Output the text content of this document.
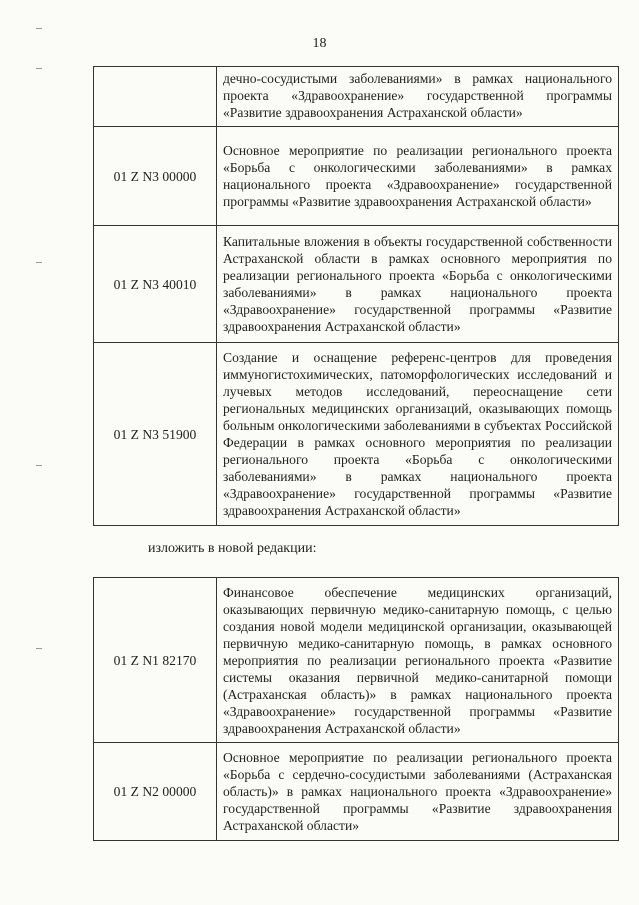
18
	дечно-сосудистыми заболеваниями» в рамках национального проекта «Здравоохранение» государственной программы «Развитие здравоохранения Астраханской области»
01 Z N3 00000	Основное мероприятие по реализации регионального проекта «Борьба с онкологическими заболеваниями» в рамках национального проекта «Здравоохранение» государственной программы «Развитие здравоохранения Астраханской области»
01 Z N3 40010	Капитальные вложения в объекты государственной собственности Астраханской области в рамках основного мероприятия по реализации регионального проекта «Борьба с онкологическими заболеваниями» в рамках национального проекта «Здравоохранение» государственной программы «Развитие здравоохранения Астраханской области»
01 Z N3 51900	Создание и оснащение референс-центров для проведения иммуногистохимических, патоморфологических исследований и лучевых методов исследований, переоснащение сети региональных медицинских организаций, оказывающих помощь больным онкологическими заболеваниями в субъектах Российской Федерации в рамках основного мероприятия по реализации регионального проекта «Борьба с онкологическими заболеваниями» в рамках национального проекта «Здравоохранение» государственной программы «Развитие здравоохранения Астраханской области»
изложить в новой редакции:
01 Z N1 82170	Финансовое обеспечение медицинских организаций, оказывающих первичную медико-санитарную помощь, с целью создания новой модели медицинской организации, оказывающей первичную медико-санитарную помощь, в рамках основного мероприятия по реализации регионального проекта «Развитие системы оказания первичной медико-санитарной помощи (Астраханская область)» в рамках национального проекта «Здравоохранение» государственной программы «Развитие здравоохранения Астраханской области»
01 Z N2 00000	Основное мероприятие по реализации регионального проекта «Борьба с сердечно-сосудистыми заболеваниями (Астраханская область)» в рамках национального проекта «Здравоохранение» государственной программы «Развитие здравоохранения Астраханской области»
